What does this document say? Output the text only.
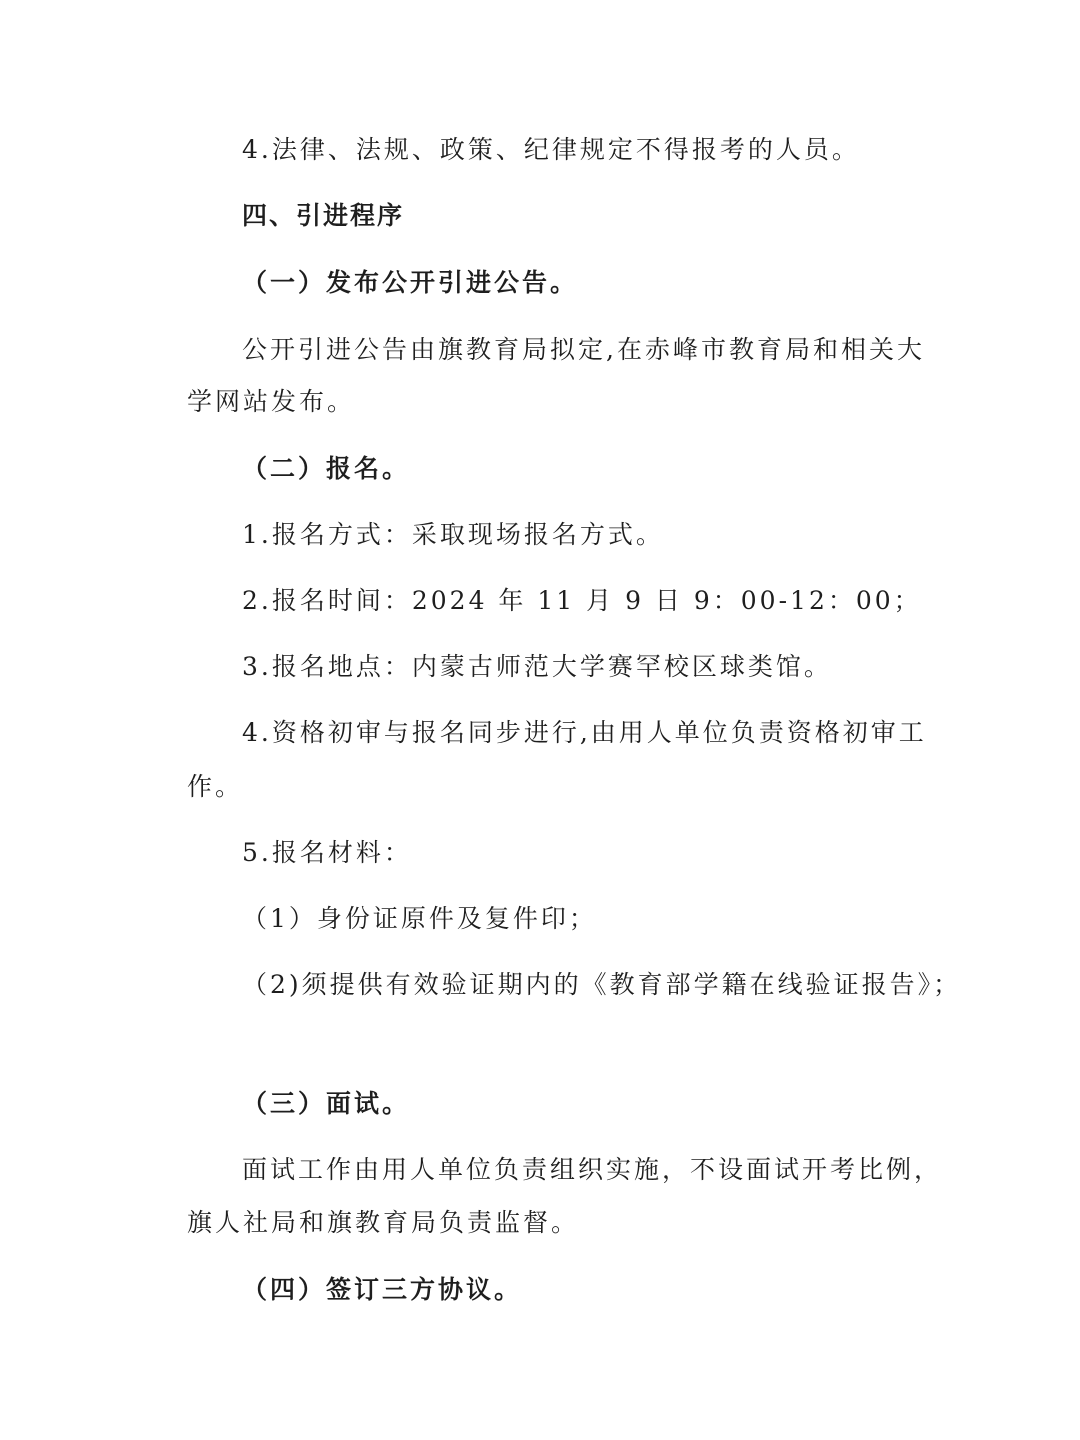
4.法律、法规、政策、纪律规定不得报考的人员。

四、引进程序

（一）发布公开引进公告。

公开引进公告由旗教育局拟定,在赤峰市教育局和相关大

学网站发布。

（二）报名。

1.报名方式：采取现场报名方式。

2.报名时间：2024 年 11 月 9 日 9：00-12：00；

3.报名地点：内蒙古师范大学赛罕校区球类馆。

4.资格初审与报名同步进行,由用人单位负责资格初审工

作。

5.报名材料：

（1）身份证原件及复件印；

（2)须提供有效验证期内的《教育部学籍在线验证报告》；

（三）面试。

面试工作由用人单位负责组织实施，不设面试开考比例，

旗人社局和旗教育局负责监督。

（四）签订三方协议。
